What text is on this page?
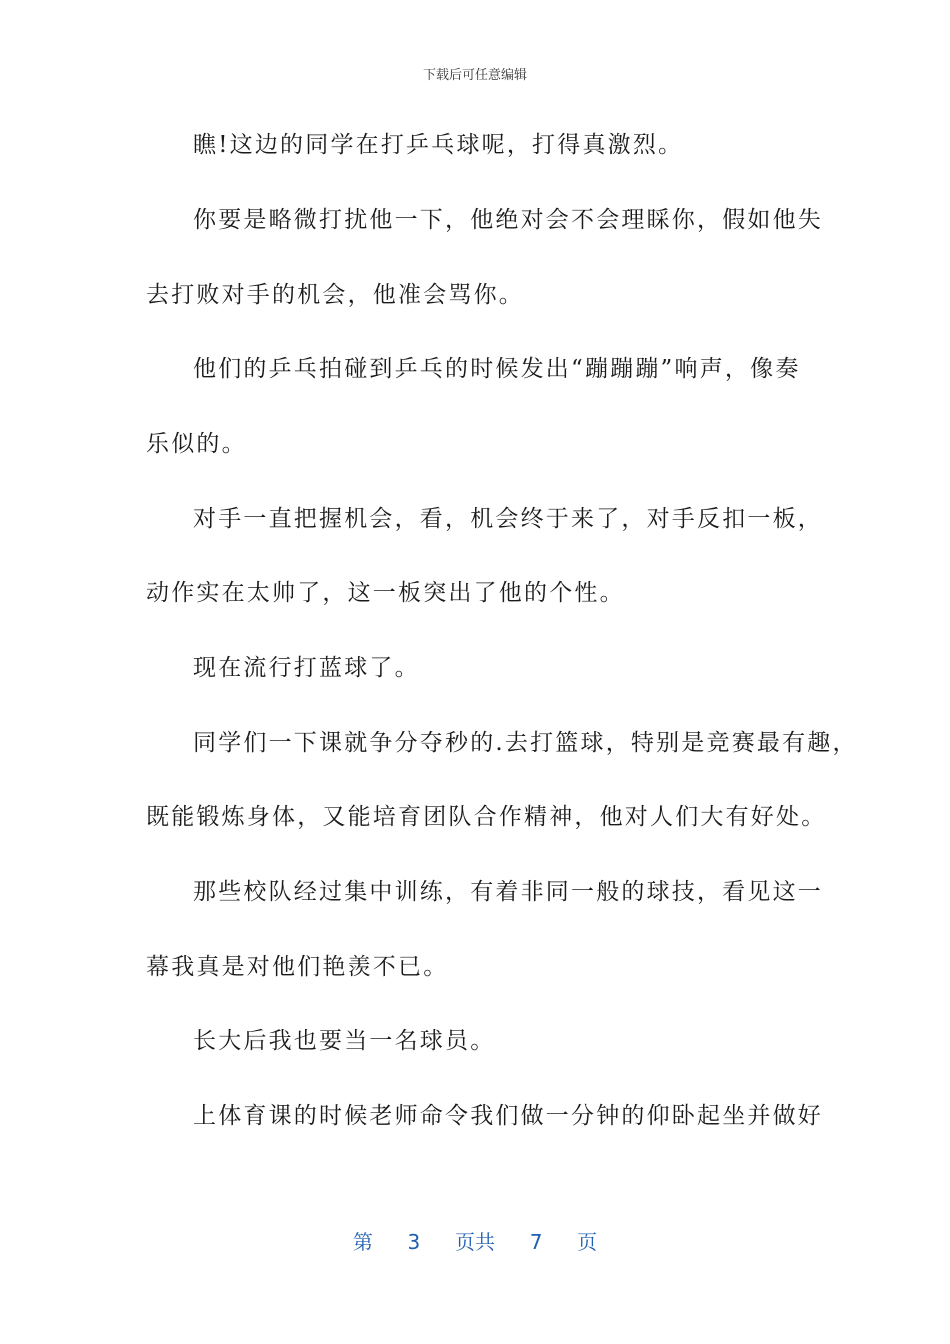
下载后可任意编辑
瞧!这边的同学在打乒乓球呢，打得真激烈。
你要是略微打扰他一下，他绝对会不会理睬你，假如他失
去打败对手的机会，他准会骂你。
他们的乒乓拍碰到乒乓的时候发出“蹦蹦蹦”响声，像奏
乐似的。
对手一直把握机会，看，机会终于来了，对手反扣一板，
动作实在太帅了，这一板突出了他的个性。
现在流行打蓝球了。
同学们一下课就争分夺秒的.去打篮球，特别是竞赛最有趣，
既能锻炼身体，又能培育团队合作精神，他对人们大有好处。
那些校队经过集中训练，有着非同一般的球技，看见这一
幕我真是对他们艳羡不已。
长大后我也要当一名球员。
上体育课的时候老师命令我们做一分钟的仰卧起坐并做好
第 3 页共 7 页
